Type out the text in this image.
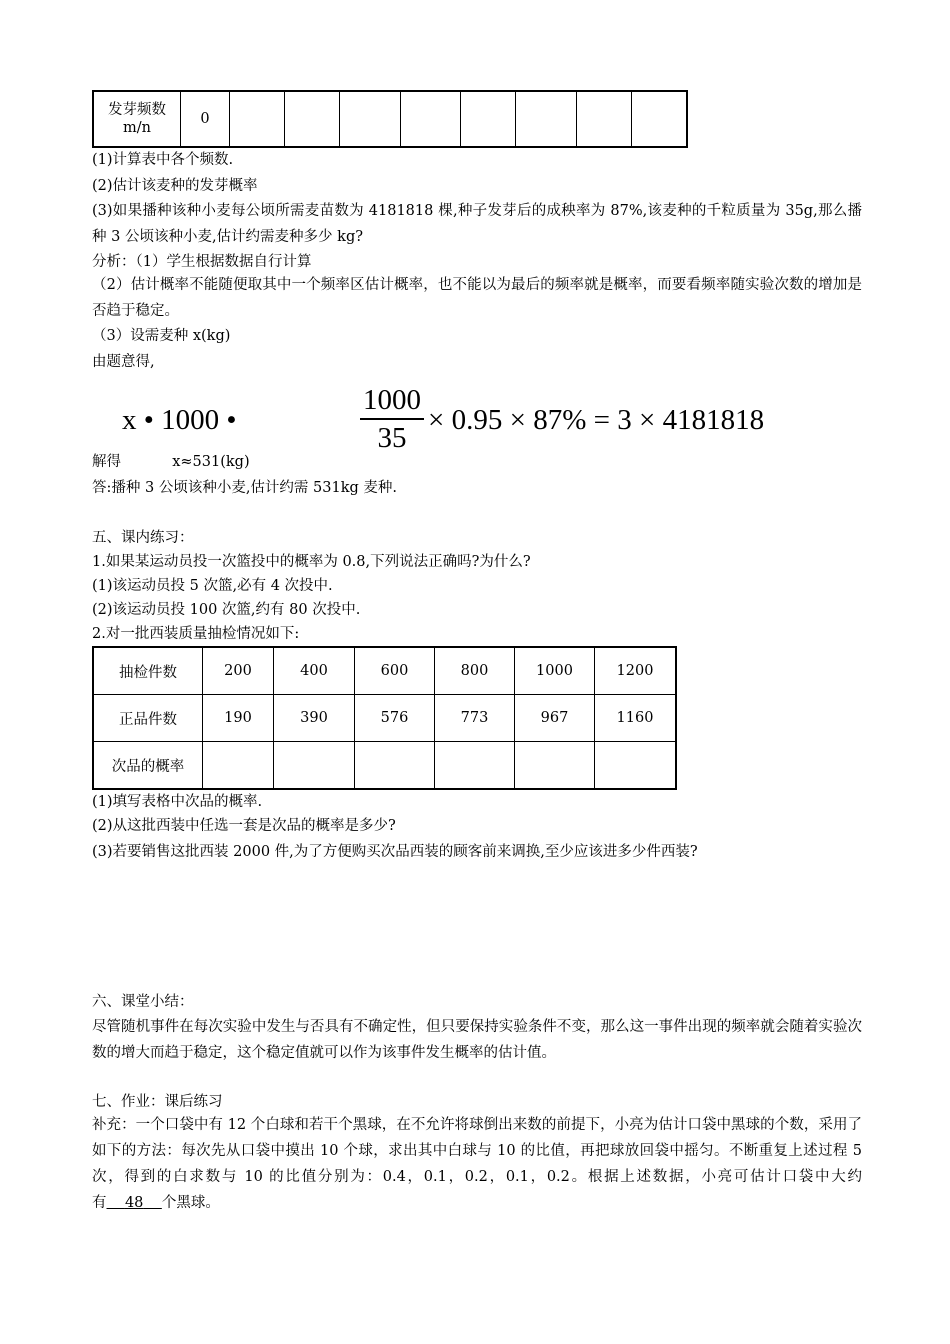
发芽频数
m/n	0								
(1)计算表中各个频数.
(2)估计该麦种的发芽概率
(3)如果播种该种小麦每公顷所需麦苗数为 4181818 棵,种子发芽后的成秧率为 87%,该麦种的千粒质量为 35g,那么播种 3 公顷该种小麦,估计约需麦种多少 kg?
分析：（1）学生根据数据自行计算
（2）估计概率不能随便取其中一个频率区估计概率，也不能以为最后的频率就是概率，而要看频率随实验次数的增加是否趋于稳定。
（3）设需麦种 x(kg)
由题意得,
x • 1000 •
1000
35
× 0.95 × 87% = 3 × 4181818
解得	x≈531(kg)
答:播种 3 公顷该种小麦,估计约需 531kg 麦种.
五、课内练习：
1.如果某运动员投一次篮投中的概率为 0.8,下列说法正确吗?为什么?
(1)该运动员投 5 次篮,必有 4 次投中.
(2)该运动员投 100 次篮,约有 80 次投中.
2.对一批西装质量抽检情况如下:
抽检件数	200	400	600	800	1000	1200
正品件数	190	390	576	773	967	1160
次品的概率						
(1)填写表格中次品的概率.
(2)从这批西装中任选一套是次品的概率是多少?
(3)若要销售这批西装 2000 件,为了方便购买次品西装的顾客前来调换,至少应该进多少件西装?
六、课堂小结：
尽管随机事件在每次实验中发生与否具有不确定性，但只要保持实验条件不变，那么这一事件出现的频率就会随着实验次数的增大而趋于稳定，这个稳定值就可以作为该事件发生概率的估计值。
七、作业：课后练习
补充：一个口袋中有 12 个白球和若干个黑球，在不允许将球倒出来数的前提下，小亮为估计口袋中黑球的个数，采用了如下的方法：每次先从口袋中摸出 10 个球，求出其中白球与 10 的比值，再把球放回袋中摇匀。不断重复上述过程 5 次，得到的白求数与 10 的比值分别为：0.4，0.1，0.2，0.1，0.2。根据上述数据，小亮可估计口袋中大约有 48 个黑球。
